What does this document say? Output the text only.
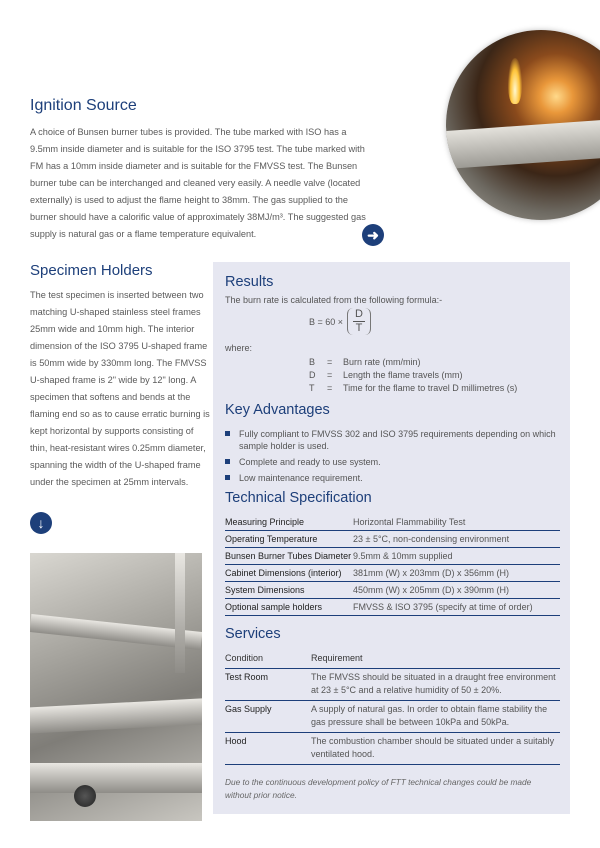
Ignition Source

A choice of Bunsen burner tubes is provided. The tube marked with ISO has a 9.5mm inside diameter and is suitable for the ISO 3795 test. The tube marked with FM has a 10mm inside diameter and is suitable for the FMVSS test. The Bunsen burner tube can be interchanged and cleaned very easily. A needle valve (located externally) is used to adjust the flame height to 38mm. The gas supplied to the burner should have a calorific value of approximately 38MJ/m³. The suggested gas supply is natural gas or a flame temperature equivalent.	➜
Specimen Holders

The test specimen is inserted between two matching U-shaped stainless steel frames 25mm wide and 10mm high. The interior dimension of the ISO 3795 U-shaped frame is 50mm wide by 330mm long. The FMVSS U-shaped frame is 2" wide by 12" long. A specimen that softens and bends at the flaming end so as to cause erratic burning is kept horizontal by supports consisting of thin, heat-resistant wires 0.25mm diameter, spanning the width of the U-shaped frame under the specimen at 25mm intervals.

↓
Results
The burn rate is calculated from the following formula:-
B = 60 ×
D
T
where:
B = Burn rate (mm/min)
D = Length the flame travels (mm)
T = Time for the flame to travel D millimetres (s)
Key Advantages
Fully compliant to FMVSS 302 and ISO 3795 requirements depending on which sample holder is used.
Complete and ready to use system.
Low maintenance requirement.
Technical Specification
Measuring Principle	Horizontal Flammability Test
Operating Temperature	23 ± 5°C, non-condensing environment
Bunsen Burner Tubes Diameter	9.5mm & 10mm supplied
Cabinet Dimensions (interior)	381mm (W) x 203mm (D) x 356mm (H)
System Dimensions	450mm (W) x 205mm (D) x 390mm (H)
Optional sample holders	FMVSS & ISO 3795 (specify at time of order)
Services
Condition	Requirement
Test Room	The FMVSS should be situated in a draught free environment at 23 ± 5°C and a relative humidity of 50 ± 20%.
Gas Supply	A supply of natural gas. In order to obtain flame stability the gas pressure shall be between 10kPa and 50kPa.
Hood	The combustion chamber should be situated under a suitably ventilated hood.

Due to the continuous development policy of FTT technical changes could be made without prior notice.
